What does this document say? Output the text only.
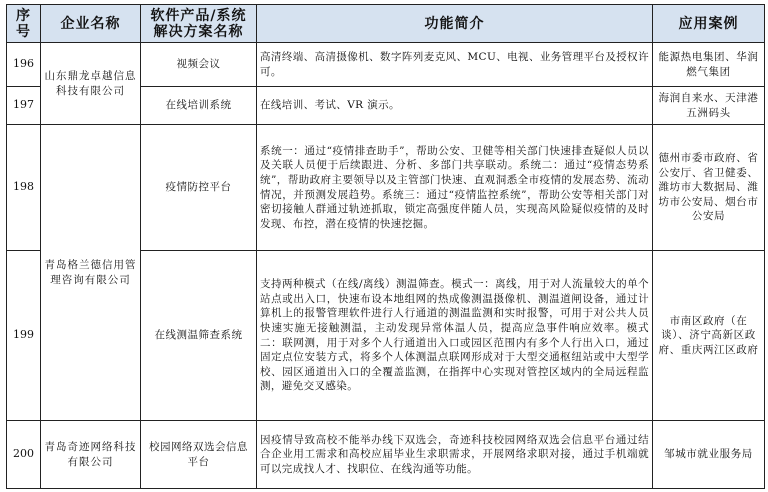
序号	企业名称	软件产品/系统解决方案名称	功能简介	应用案例
196	山东鼎龙卓越信息科技有限公司	视频会议	高清终端、高清摄像机、数字阵列麦克风、MCU、电视、业务管理平台及授权许可。	能源热电集团、华润燃气集团
197		在线培训系统	在线培训、考试、VR 演示。	海润自来水、天津港五洲码头
198	青岛格兰德信用管理咨询有限公司	疫情防控平台	系统一：通过“疫情排查助手”，帮助公安、卫健等相关部门快速排查疑似人员以及关联人员便于后续跟进、分析、多部门共享联动。系统二：通过“疫情态势系统”，帮助政府主要领导以及主管部门快速、直观洞悉全市疫情的发展态势、流动情况，并预测发展趋势。系统三：通过“疫情监控系统”，帮助公安等相关部门对密切接触人群通过轨迹抓取，锁定高强度伴随人员，实现高风险疑似疫情的及时发现、布控，潜在疫情的快速挖掘。	德州市委市政府、省公安厅、省卫健委、潍坊市大数据局、潍坊市公安局、烟台市公安局
199		在线测温筛查系统	支持两种模式（在线/离线）测温筛查。模式一：离线，用于对人流量较大的单个站点或出入口，快速布设本地组网的热成像测温摄像机、测温道闸设备，通过计算机上的报警管理软件进行人行通道的测温监测和实时报警，可用于对公共人员快速实施无接触测温，主动发现异常体温人员，提高应急事件响应效率。模式二：联网测，用于对多个人行通道出入口或园区范围内有多个人行出入口，通过固定点位安装方式，将多个人体测温点联网形成对于大型交通枢纽站或中大型学校、园区通道出入口的全覆盖监测，在指挥中心实现对管控区域内的全局远程监测，避免交叉感染。	市南区政府（在谈）、济宁高新区政府、重庆两江区政府
200	青岛奇迹网络科技有限公司	校园网络双选会信息平台	因疫情导致高校不能举办线下双选会，奇迹科技校园网络双选会信息平台通过结合企业用工需求和高校应届毕业生求职需求，开展网络求职对接，通过手机端就可以完成找人才、找职位、在线沟通等功能。	邹城市就业服务局
